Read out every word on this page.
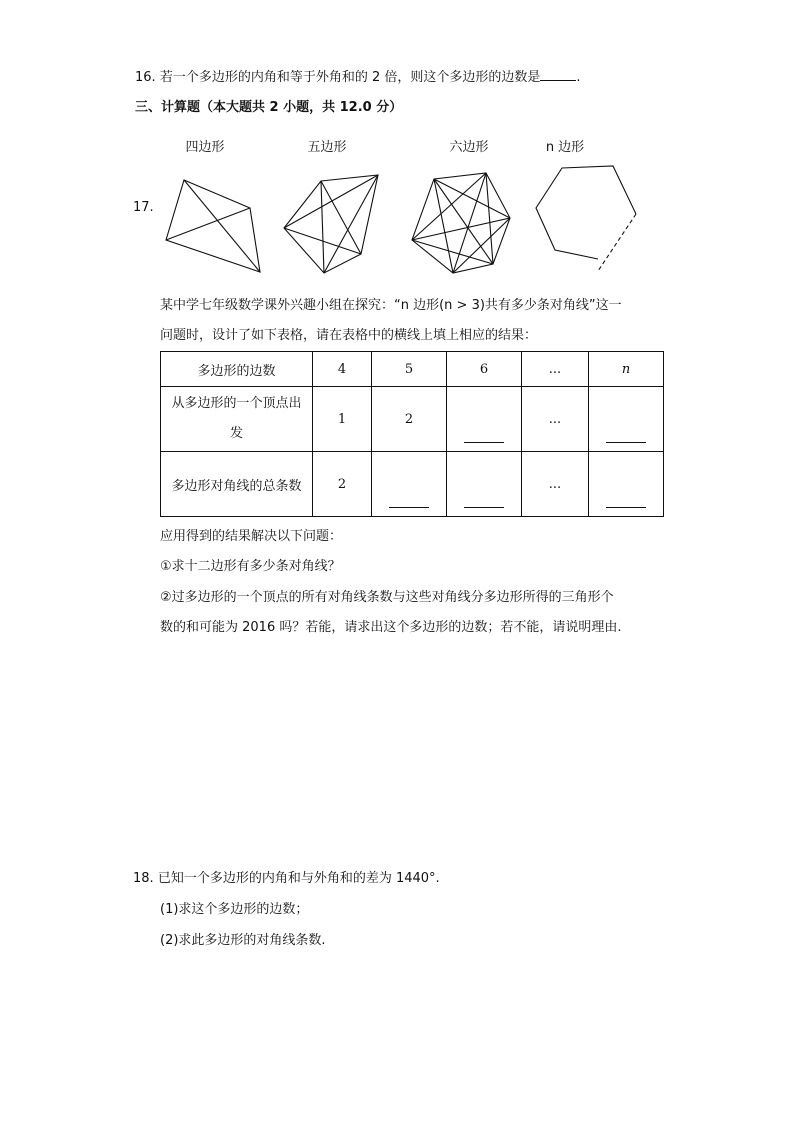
16. 若一个多边形的内角和等于外角和的 2 倍，则这个多边形的边数是	.
三、计算题（本大题共 2 小题，共 12.0 分）
四边形	五边形	六边形	n 边形
17.
某中学七年级数学课外兴趣小组在探究：“n 边形(n > 3)共有多少条对角线”这一
问题时，设计了如下表格，请在表格中的横线上填上相应的结果：
多边形的边数	4	5	6	...	n

从多边形的一个顶点出
发	1	2		...	

多边形对角线的总条数	2			...	
应用得到的结果解决以下问题：
①求十二边形有多少条对角线？
②过多边形的一个顶点的所有对角线条数与这些对角线分多边形所得的三角形个
数的和可能为 2016 吗？若能，请求出这个多边形的边数；若不能，请说明理由.
18. 已知一个多边形的内角和与外角和的差为 1440°.
(1)求这个多边形的边数；
(2)求此多边形的对角线条数.
